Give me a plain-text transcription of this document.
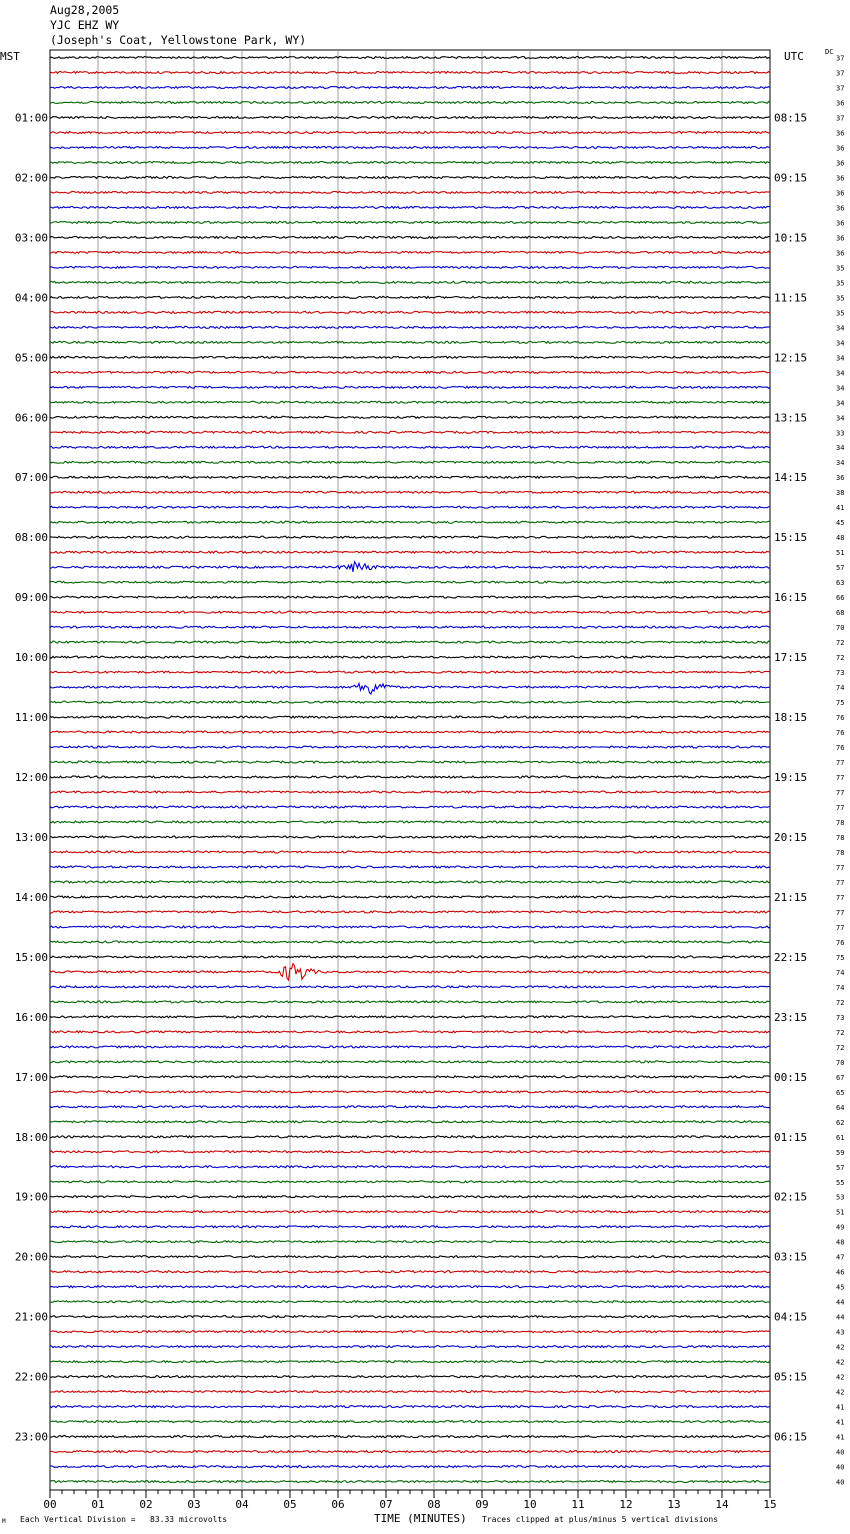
00	01	02	03	04	05	06	07	08	09	10	11	12	13	14	15
37
37
37
36
37
36
36
36
36
36
36
36
36
36
35
35
35
35
34
34
34
34
34
34
34
33
34
34
36
38
41
45
48
51
57
63
66
68
70
72
72
73
74
75
76
76
76
77
77
77
77
78
78
78
77
77
77
77
77
76
75
74
74
72
73
72
72
70
67
65
64
62
61
59
57
55
53
51
49
48
47
46
45
44
44
43
42
42
42
42
41
41
41
40
40
40
01:00
02:00
03:00
04:00
05:00
06:00
07:00
08:00
09:00
10:00
11:00
12:00
13:00
14:00
15:00
16:00
17:00
18:00
19:00
20:00
21:00
22:00
23:00
08:15
09:15
10:15
11:15
12:15
13:15
14:15
15:15
16:15
17:15
18:15
19:15
20:15
21:15
22:15
23:15
00:15
01:15
02:15
03:15
04:15
05:15
06:15
Aug28,2005
YJC EHZ WY
(Joseph's Coat, Yellowstone Park, WY)
MST	UTC	DC
M Each Vertical Division =   83.33 microvolts	TIME (MINUTES) Traces clipped at plus/minus 5 vertical divisions
